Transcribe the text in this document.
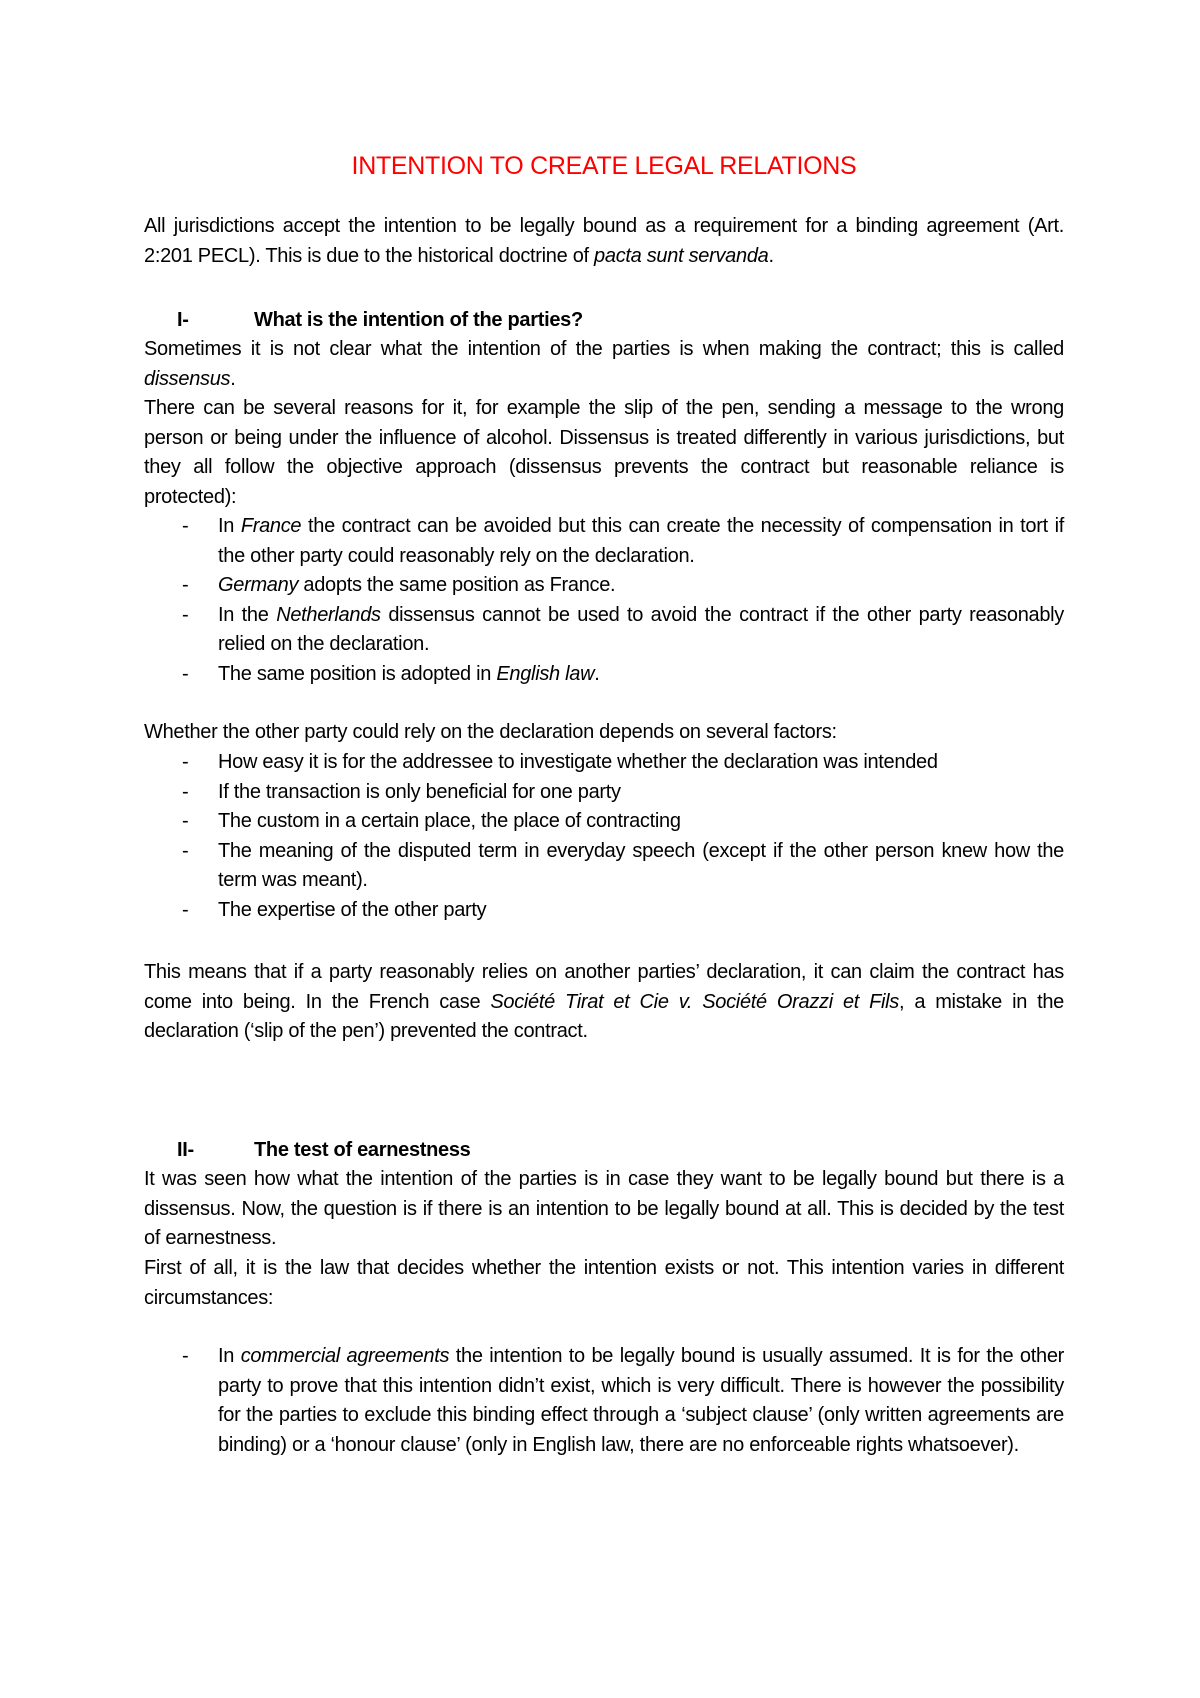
INTENTION TO CREATE LEGAL RELATIONS

All jurisdictions accept the intention to be legally bound as a requirement for a binding agreement (Art. 2:201 PECL). This is due to the historical doctrine of pacta sunt servanda.

I-	What is the intention of the parties?

Sometimes it is not clear what the intention of the parties is when making the contract; this is called dissensus.

There can be several reasons for it, for example the slip of the pen, sending a message to the wrong person or being under the influence of alcohol. Dissensus is treated differently in various jurisdictions, but they all follow the objective approach (dissensus prevents the contract but reasonable reliance is protected):

- In France the contract can be avoided but this can create the necessity of compensation in tort if the other party could reasonably rely on the declaration.
- Germany adopts the same position as France.
- In the Netherlands dissensus cannot be used to avoid the contract if the other party reasonably relied on the declaration.
- The same position is adopted in English law.

Whether the other party could rely on the declaration depends on several factors:

- How easy it is for the addressee to investigate whether the declaration was intended
- If the transaction is only beneficial for one party
- The custom in a certain place, the place of contracting
- The meaning of the disputed term in everyday speech (except if the other person knew how the term was meant).
- The expertise of the other party

This means that if a party reasonably relies on another parties’ declaration, it can claim the contract has come into being. In the French case Société Tirat et Cie v. Société Orazzi et Fils, a mistake in the declaration (‘slip of the pen’) prevented the contract.

II-	The test of earnestness

It was seen how what the intention of the parties is in case they want to be legally bound but there is a dissensus. Now, the question is if there is an intention to be legally bound at all. This is decided by the test of earnestness.

First of all, it is the law that decides whether the intention exists or not. This intention varies in different circumstances:

- In commercial agreements the intention to be legally bound is usually assumed. It is for the other party to prove that this intention didn’t exist, which is very difficult. There is however the possibility for the parties to exclude this binding effect through a ‘subject clause’ (only written agreements are binding) or a ‘honour clause’ (only in English law, there are no enforceable rights whatsoever).
